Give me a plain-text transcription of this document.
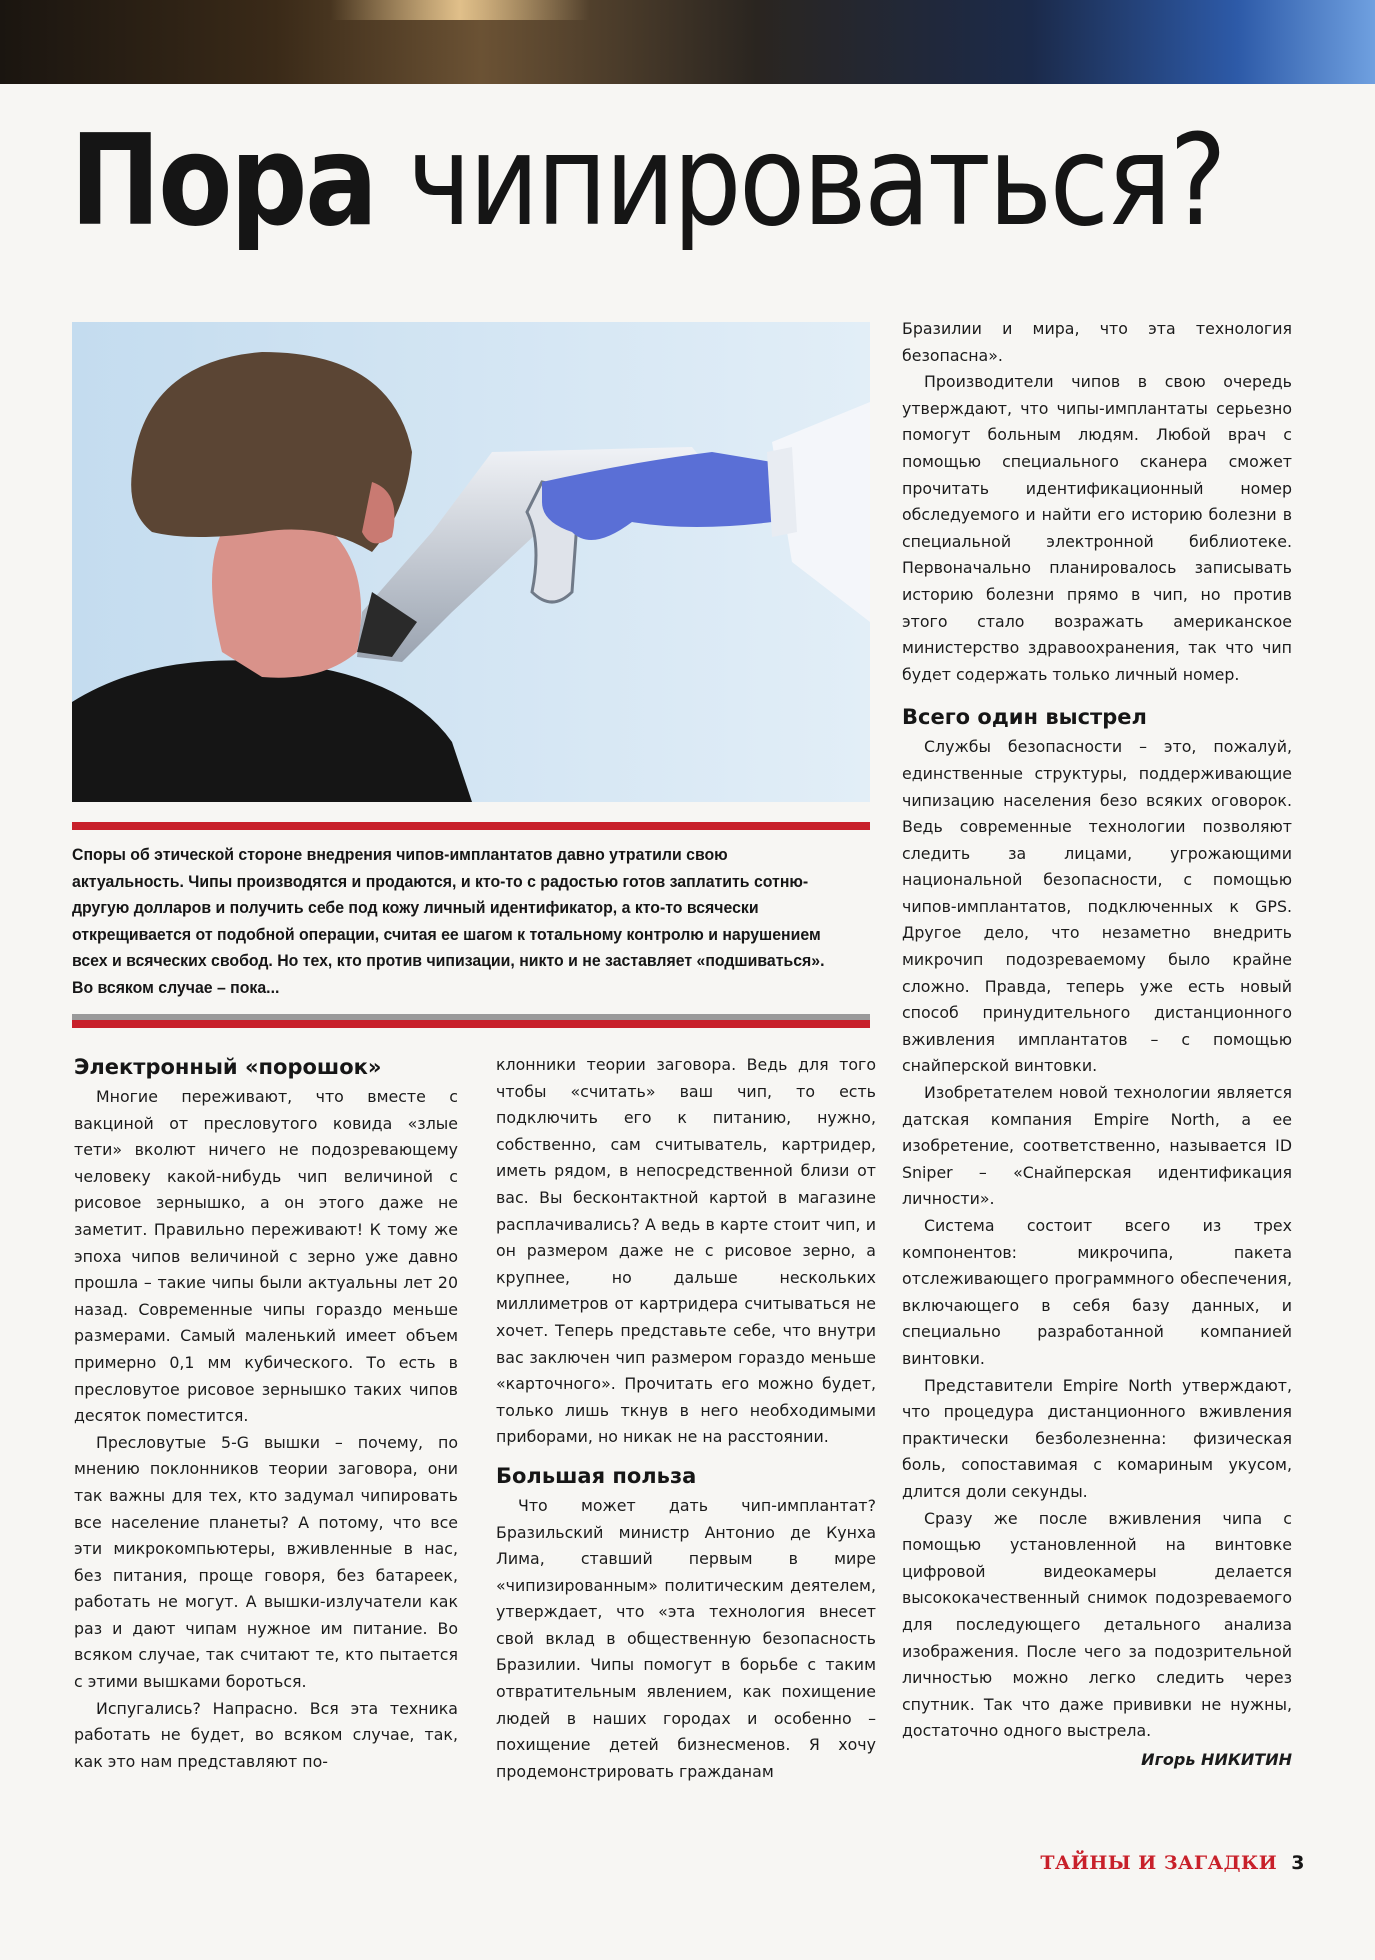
Пора чипироваться?
Споры об этической стороне внедрения чипов-имплантатов давно утратили свою актуальность. Чипы производятся и продаются, и кто-то с радостью готов заплатить сотню-другую долларов и получить себе под кожу личный идентификатор, а кто-то всячески открещивается от подобной операции, считая ее шагом к тотальному контролю и нарушением всех и всяческих свобод. Но тех, кто против чипизации, никто и не заставляет «подшиваться». Во всяком случае – пока...
Электронный «порошок»

Многие переживают, что вместе с вакциной от пресловутого ковида «злые тети» вколют ничего не подозревающему человеку какой-нибудь чип величиной с рисовое зернышко, а он этого даже не заметит. Правильно переживают! К тому же эпоха чипов величиной с зерно уже давно прошла – такие чипы были актуальны лет 20 назад. Современные чипы гораздо меньше размерами. Самый маленький имеет объем примерно 0,1 мм кубического. То есть в пресловутое рисовое зернышко таких чипов десяток поместится.

Пресловутые 5-G вышки – почему, по мнению поклонников теории заговора, они так важны для тех, кто задумал чипировать все население планеты? А потому, что все эти микрокомпьютеры, вживленные в нас, без питания, проще говоря, без батареек, работать не могут. А вышки-излучатели как раз и дают чипам нужное им питание. Во всяком случае, так считают те, кто пытается с этими вышками бороться.

Испугались? Напрасно. Вся эта техника работать не будет, во всяком случае, так, как это нам представляют по-

клонники теории заговора. Ведь для того чтобы «считать» ваш чип, то есть подключить его к питанию, нужно, собственно, сам считыватель, картридер, иметь рядом, в непосредственной близи от вас. Вы бесконтактной картой в магазине расплачивались? А ведь в карте стоит чип, и он размером даже не с рисовое зерно, а крупнее, но дальше нескольких миллиметров от картридера считываться не хочет. Теперь представьте себе, что внутри вас заключен чип размером гораздо меньше «карточного». Прочитать его можно будет, только лишь ткнув в него необходимыми приборами, но никак не на расстоянии.

Большая польза

Что может дать чип-имплантат? Бразильский министр Антонио де Кунха Лима, ставший первым в мире «чипизированным» политическим деятелем, утверждает, что «эта технология внесет свой вклад в общественную безопасность Бразилии. Чипы помогут в борьбе с таким отвратительным явлением, как похищение людей в наших городах и особенно – похищение детей бизнесменов. Я хочу продемонстрировать гражданам

Бразилии и мира, что эта технология безопасна».

Производители чипов в свою очередь утверждают, что чипы-имплантаты серьезно помогут больным людям. Любой врач с помощью специального сканера сможет прочитать идентификационный номер обследуемого и найти его историю болезни в специальной электронной библиотеке. Первоначально планировалось записывать историю болезни прямо в чип, но против этого стало возражать американское министерство здравоохранения, так что чип будет содержать только личный номер.

Всего один выстрел

Службы безопасности – это, пожалуй, единственные структуры, поддерживающие чипизацию населения безо всяких оговорок. Ведь современные технологии позволяют следить за лицами, угрожающими национальной безопасности, с помощью чипов-имплантатов, подключенных к GPS. Другое дело, что незаметно внедрить микрочип подозреваемому было крайне сложно. Правда, теперь уже есть новый способ принудительного дистанционного вживления имплантатов – с помощью снайперской винтовки.

Изобретателем новой технологии является датская компания Empire North, а ее изобретение, соответственно, называется ID Sniper – «Снайперская идентификация личности».

Система состоит всего из трех компонентов: микрочипа, пакета отслеживающего программного обеспечения, включающего в себя базу данных, и специально разработанной компанией винтовки.

Представители Empire North утверждают, что процедура дистанционного вживления практически безболезненна: физическая боль, сопоставимая с комариным укусом, длится доли секунды.

Сразу же после вживления чипа с помощью установленной на винтовке цифровой видеокамеры делается высококачественный снимок подозреваемого для последующего детального анализа изображения. После чего за подозрительной личностью можно легко следить через спутник. Так что даже прививки не нужны, достаточно одного выстрела.

Игорь НИКИТИН
ТАЙНЫ И ЗАГАДКИ 3
